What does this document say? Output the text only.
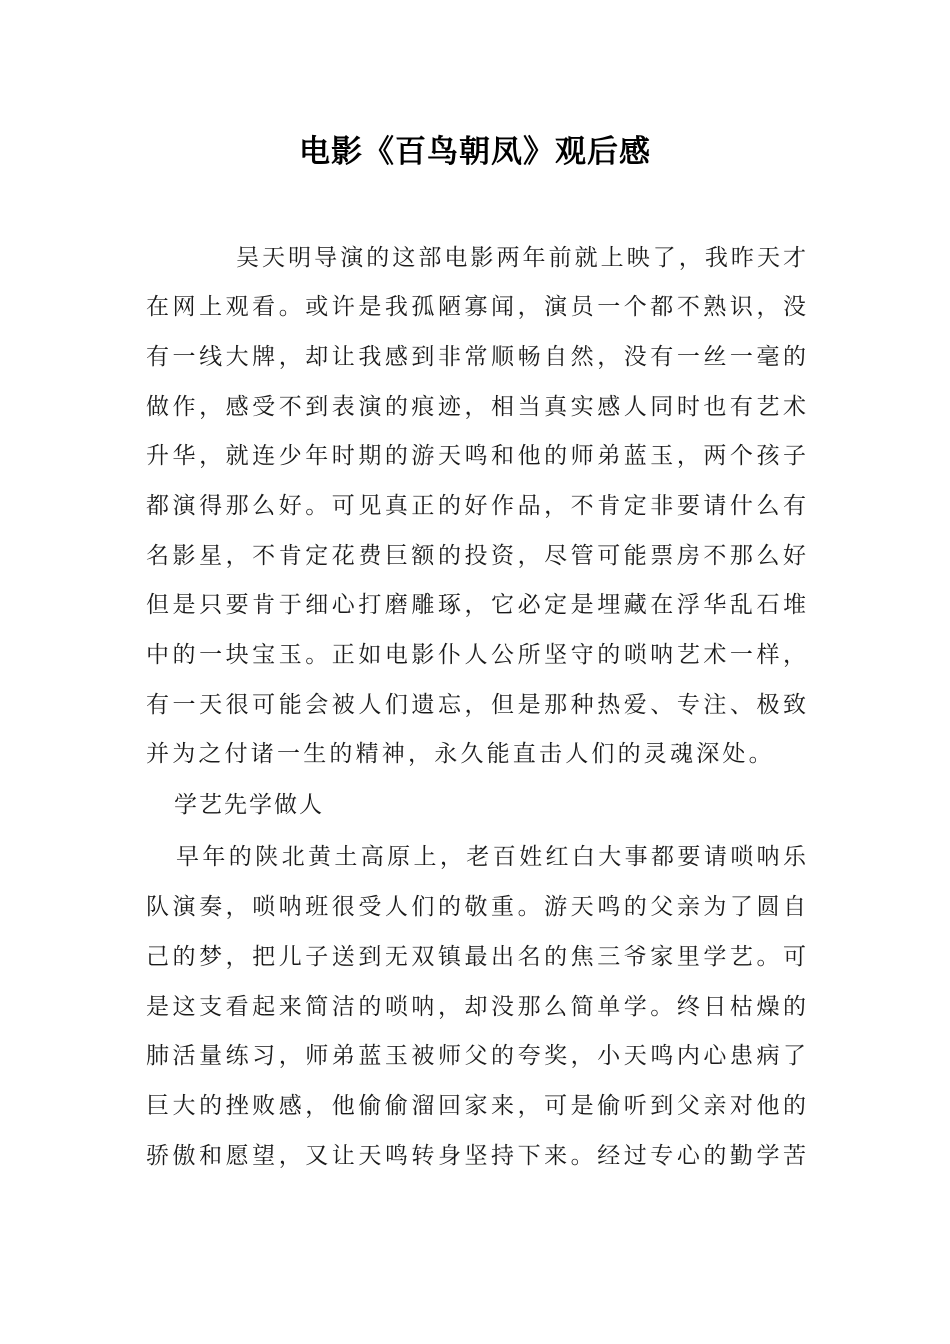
电影《百鸟朝凤》观后感
吴天明导演的这部电影两年前就上映了，我昨天才
在网上观看。或许是我孤陋寡闻，演员一个都不熟识，没
有一线大牌，却让我感到非常顺畅自然，没有一丝一毫的
做作，感受不到表演的痕迹，相当真实感人同时也有艺术
升华，就连少年时期的游天鸣和他的师弟蓝玉，两个孩子
都演得那么好。可见真正的好作品，不肯定非要请什么有
名影星，不肯定花费巨额的投资，尽管可能票房不那么好
但是只要肯于细心打磨雕琢，它必定是埋藏在浮华乱石堆
中的一块宝玉。正如电影仆人公所坚守的唢呐艺术一样，
有一天很可能会被人们遗忘，但是那种热爱、专注、极致
并为之付诸一生的精神，永久能直击人们的灵魂深处。
学艺先学做人
早年的陕北黄土高原上，老百姓红白大事都要请唢呐乐
队演奏，唢呐班很受人们的敬重。游天鸣的父亲为了圆自
己的梦，把儿子送到无双镇最出名的焦三爷家里学艺。可
是这支看起来简洁的唢呐，却没那么简单学。终日枯燥的
肺活量练习，师弟蓝玉被师父的夸奖，小天鸣内心患病了
巨大的挫败感，他偷偷溜回家来，可是偷听到父亲对他的
骄傲和愿望，又让天鸣转身坚持下来。经过专心的勤学苦
